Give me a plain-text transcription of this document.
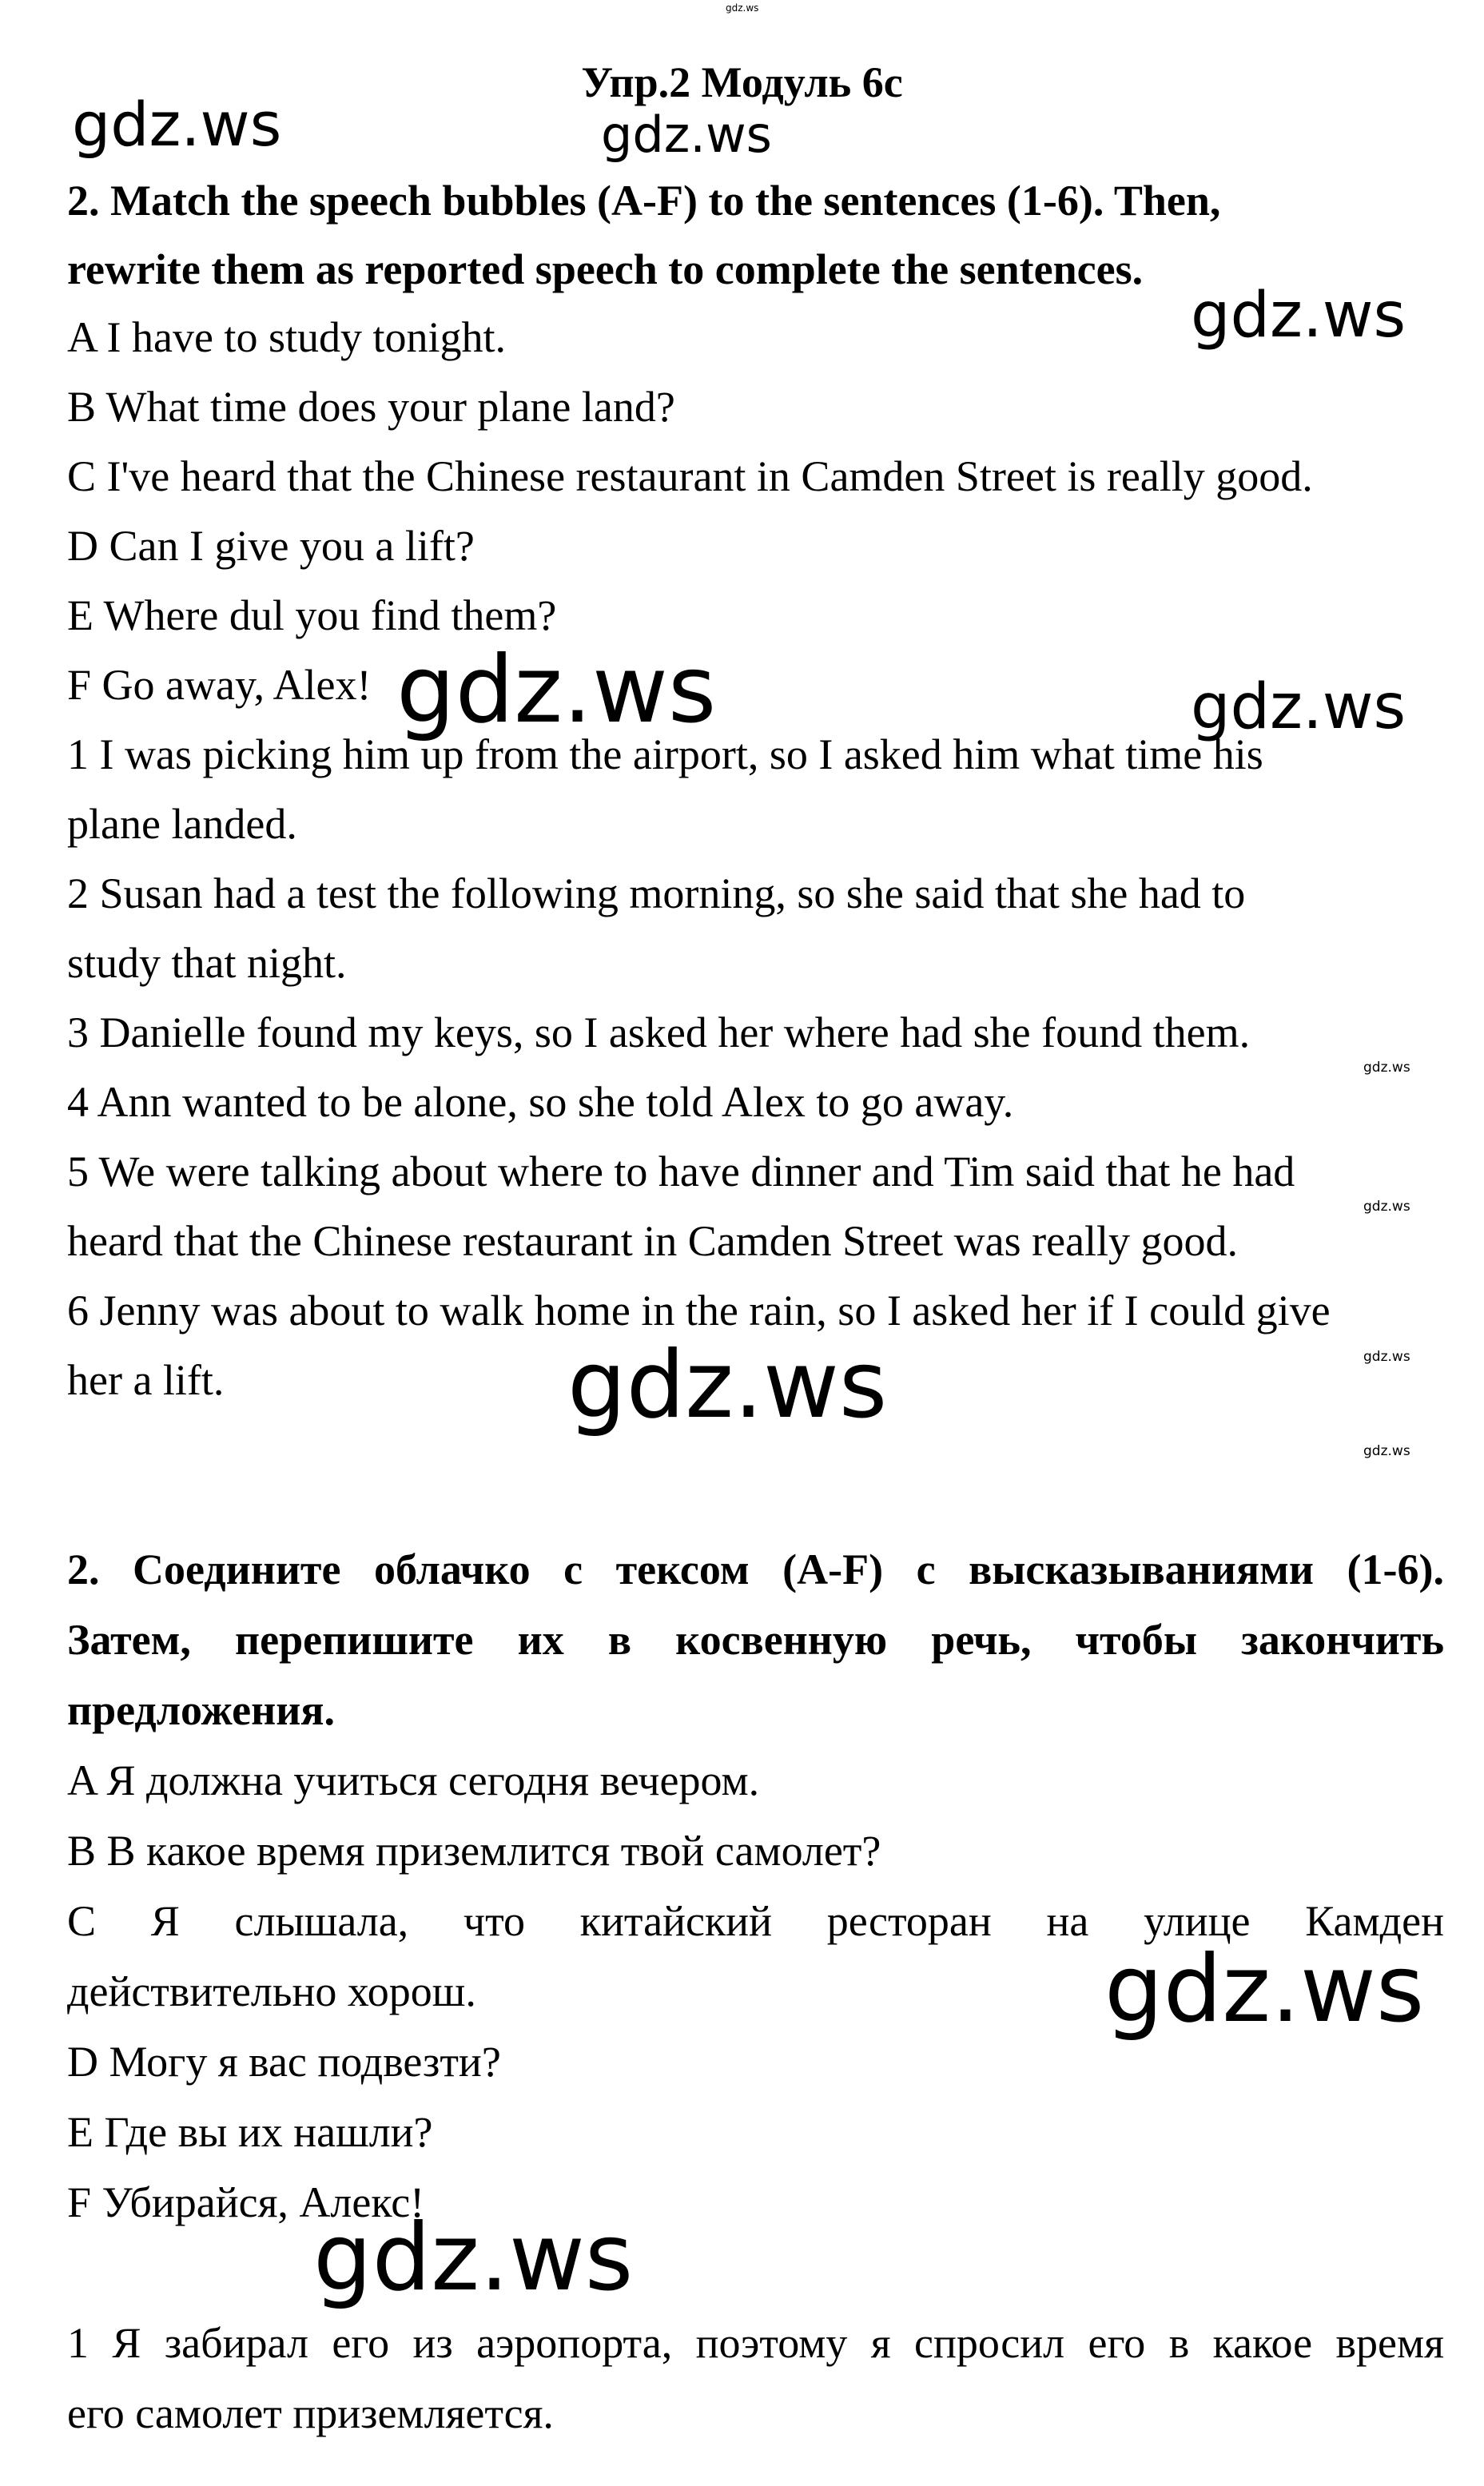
gdz.ws
Упр.2 Модуль 6c
2. Match the speech bubbles (A-F) to the sentences (1-6). Then,
rewrite them as reported speech to complete the sentences.
A I have to study tonight.
B What time does your plane land?
C I've heard that the Chinese restaurant in Camden Street is really good.
D Can I give you a lift?
E Where dul you find them?
F Go away, Alex!
1 I was picking him up from the airport, so I asked him what time his
plane landed.
2 Susan had a test the following morning, so she said that she had to
study that night.
3 Danielle found my keys, so I asked her where had she found them.
4 Ann wanted to be alone, so she told Alex to go away.
5 We were talking about where to have dinner and Tim said that he had
heard that the Chinese restaurant in Camden Street was really good.
6 Jenny was about to walk home in the rain, so I asked her if I could give
her a lift.
2. Соедините облачко с тексом (A-F) с высказываниями (1-6).
Затем, перепишите их в косвенную речь, чтобы закончить
предложения.
A Я должна учиться сегодня вечером.
B В какое время приземлится твой самолет?
C Я слышала, что китайский ресторан на улице Камден
действительно хорош.
D Могу я вас подвезти?
E Где вы их нашли?
F Убирайся, Алекс!
1 Я забирал его из аэропорта, поэтому я спросил его в какое время
его самолет приземляется.
gdz.ws	gdz.ws
gdz.ws
gdz.ws	gdz.ws
gdz.ws
gdz.ws
gdz.ws
gdz.ws
gdz.ws
gdz.ws
gdz.ws
